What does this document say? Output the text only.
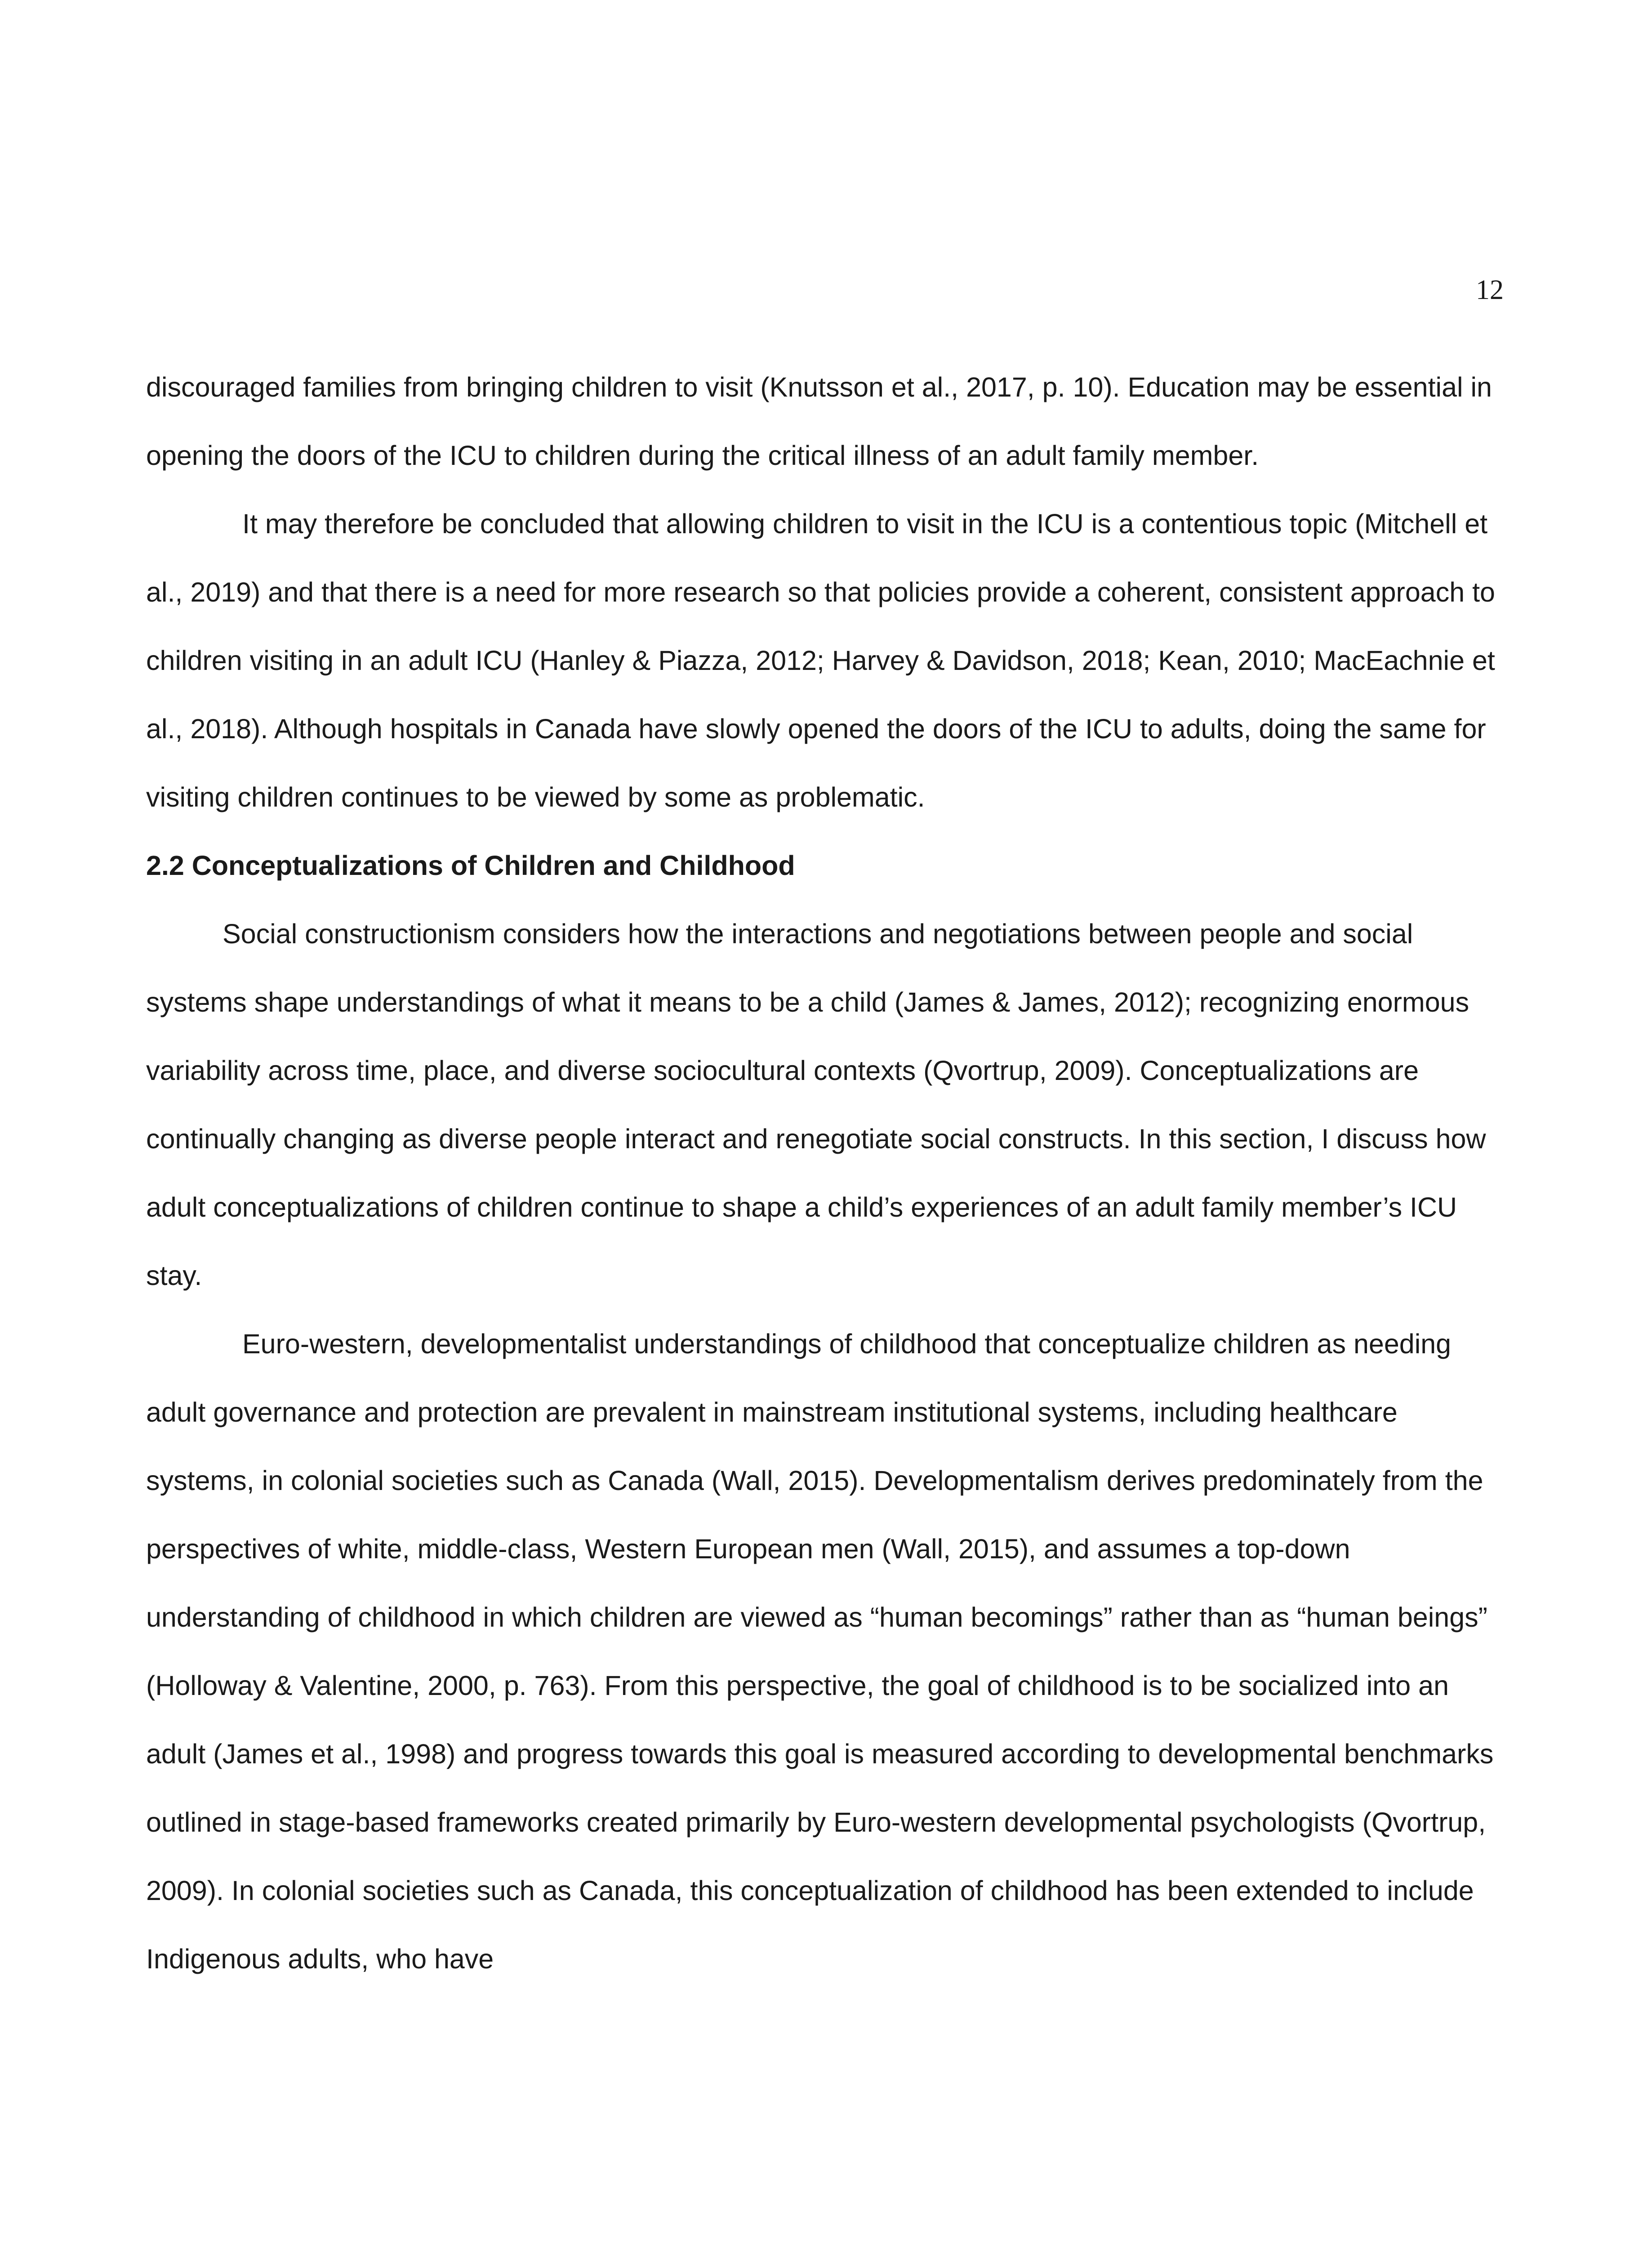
12

discouraged families from bringing children to visit (Knutsson et al., 2017, p. 10). Education may be essential in opening the doors of the ICU to children during the critical illness of an adult family member.

It may therefore be concluded that allowing children to visit in the ICU is a contentious topic (Mitchell et al., 2019) and that there is a need for more research so that policies provide a coherent, consistent approach to children visiting in an adult ICU (Hanley & Piazza, 2012; Harvey & Davidson, 2018; Kean, 2010; MacEachnie et al., 2018). Although hospitals in Canada have slowly opened the doors of the ICU to adults, doing the same for visiting children continues to be viewed by some as problematic.

2.2 Conceptualizations of Children and Childhood

Social constructionism considers how the interactions and negotiations between people and social systems shape understandings of what it means to be a child (James & James, 2012); recognizing enormous variability across time, place, and diverse sociocultural contexts (Qvortrup, 2009). Conceptualizations are continually changing as diverse people interact and renegotiate social constructs. In this section, I discuss how adult conceptualizations of children continue to shape a child’s experiences of an adult family member’s ICU stay.

Euro-western, developmentalist understandings of childhood that conceptualize children as needing adult governance and protection are prevalent in mainstream institutional systems, including healthcare systems, in colonial societies such as Canada (Wall, 2015). Developmentalism derives predominately from the perspectives of white, middle-class, Western European men (Wall, 2015), and assumes a top-down understanding of childhood in which children are viewed as “human becomings” rather than as “human beings” (Holloway & Valentine, 2000, p. 763). From this perspective, the goal of childhood is to be socialized into an adult (James et al., 1998) and progress towards this goal is measured according to developmental benchmarks outlined in stage-based frameworks created primarily by Euro-western developmental psychologists (Qvortrup, 2009). In colonial societies such as Canada, this conceptualization of childhood has been extended to include Indigenous adults, who have
